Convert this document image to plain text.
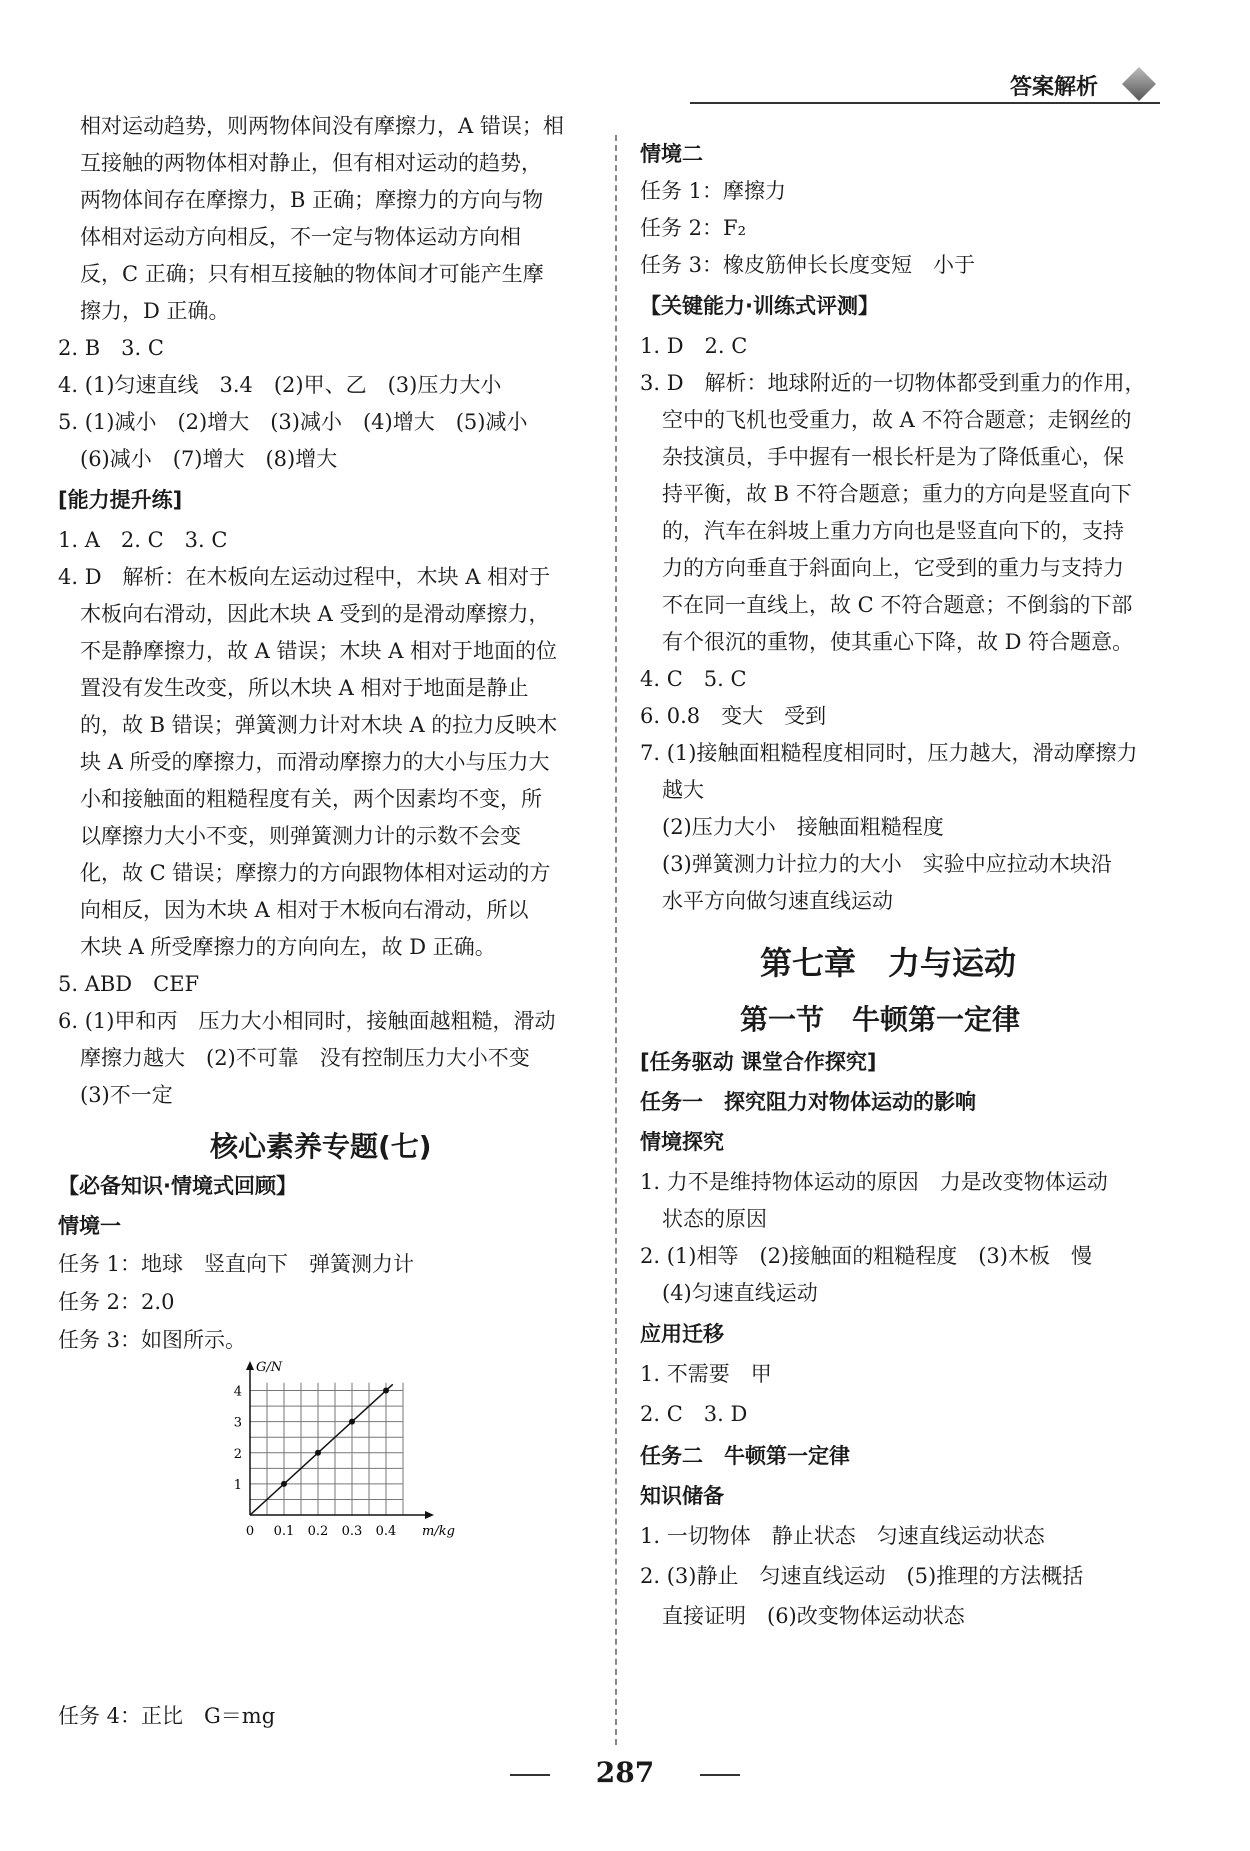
答案解析
相对运动趋势，则两物体间没有摩擦力，A 错误；相
互接触的两物体相对静止，但有相对运动的趋势，
两物体间存在摩擦力，B 正确；摩擦力的方向与物
体相对运动方向相反，不一定与物体运动方向相
反，C 正确；只有相互接触的物体间才可能产生摩
擦力，D 正确。
2. B　3. C
4. (1)匀速直线　3.4　(2)甲、乙　(3)压力大小
5. (1)减小　(2)增大　(3)减小　(4)增大　(5)减小
(6)减小　(7)增大　(8)增大
[能力提升练]
1. A　2. C　3. C
4. D　解析：在木板向左运动过程中，木块 A 相对于
木板向右滑动，因此木块 A 受到的是滑动摩擦力，
不是静摩擦力，故 A 错误；木块 A 相对于地面的位
置没有发生改变，所以木块 A 相对于地面是静止
的，故 B 错误；弹簧测力计对木块 A 的拉力反映木
块 A 所受的摩擦力，而滑动摩擦力的大小与压力大
小和接触面的粗糙程度有关，两个因素均不变，所
以摩擦力大小不变，则弹簧测力计的示数不会变
化，故 C 错误；摩擦力的方向跟物体相对运动的方
向相反，因为木块 A 相对于木板向右滑动，所以
木块 A 所受摩擦力的方向向左，故 D 正确。
5. ABD　CEF
6. (1)甲和丙　压力大小相同时，接触面越粗糙，滑动
摩擦力越大　(2)不可靠　没有控制压力大小不变
(3)不一定
核心素养专题(七)
【必备知识·情境式回顾】
情境一
任务 1：地球　竖直向下　弹簧测力计
任务 2：2.0
任务 3：如图所示。
0 0.1 0.2 0.3 0.4
1
2
3
4
m/kg
G/N
任务 4：正比　G＝mg
情境二
任务 1：摩擦力
任务 2：F₂
任务 3：橡皮筋伸长长度变短　小于
【关键能力·训练式评测】
1. D　2. C
3. D　解析：地球附近的一切物体都受到重力的作用，
空中的飞机也受重力，故 A 不符合题意；走钢丝的
杂技演员，手中握有一根长杆是为了降低重心，保
持平衡，故 B 不符合题意；重力的方向是竖直向下
的，汽车在斜坡上重力方向也是竖直向下的，支持
力的方向垂直于斜面向上，它受到的重力与支持力
不在同一直线上，故 C 不符合题意；不倒翁的下部
有个很沉的重物，使其重心下降，故 D 符合题意。
4. C　5. C
6. 0.8　变大　受到
7. (1)接触面粗糙程度相同时，压力越大，滑动摩擦力
越大
(2)压力大小　接触面粗糙程度
(3)弹簧测力计拉力的大小　实验中应拉动木块沿
水平方向做匀速直线运动
第七章　力与运动
第一节　牛顿第一定律
[任务驱动 课堂合作探究]
任务一　探究阻力对物体运动的影响
情境探究
1. 力不是维持物体运动的原因　力是改变物体运动
状态的原因
2. (1)相等　(2)接触面的粗糙程度　(3)木板　慢
(4)匀速直线运动
应用迁移
1. 不需要　甲
2. C　3. D
任务二　牛顿第一定律
知识储备
1. 一切物体　静止状态　匀速直线运动状态
2. (3)静止　匀速直线运动　(5)推理的方法概括
直接证明　(6)改变物体运动状态
287
